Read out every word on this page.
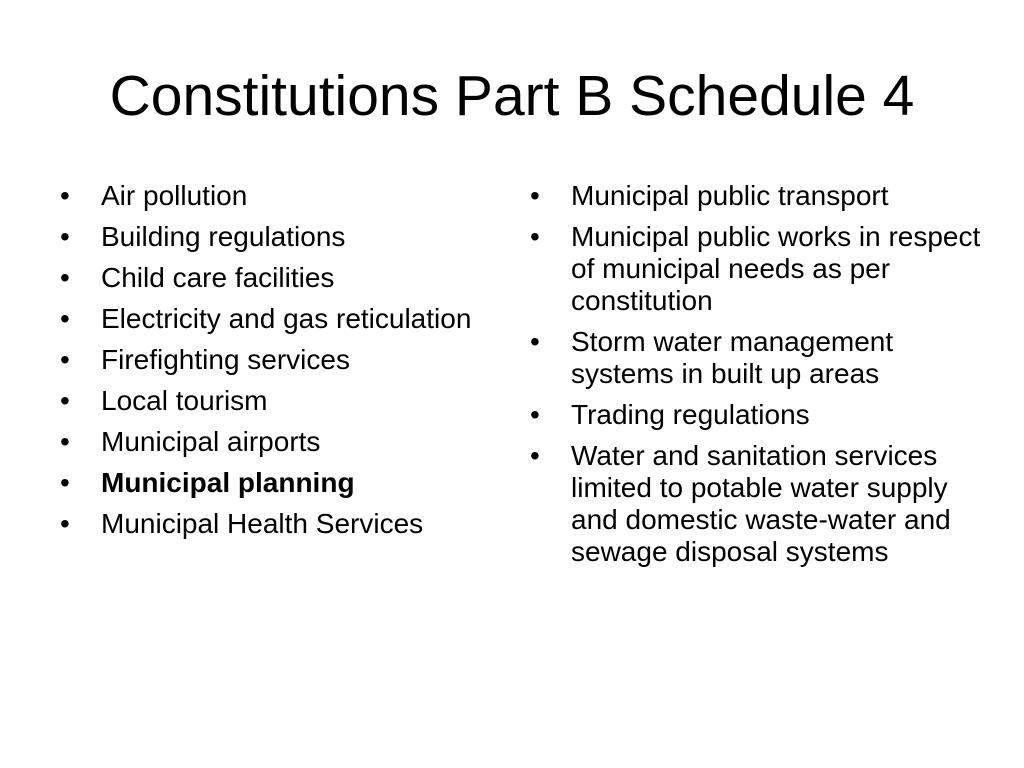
Constitutions Part B Schedule 4
• Air pollution
• Building regulations
• Child care facilities
• Electricity and gas reticulation
• Firefighting services
• Local tourism
• Municipal airports
• Municipal planning
• Municipal Health Services
• Municipal public transport
• Municipal public works in respect of municipal needs as per constitution
• Storm water management systems in built up areas
• Trading regulations
• Water and sanitation services limited to potable water supply and domestic waste-water and sewage disposal systems
